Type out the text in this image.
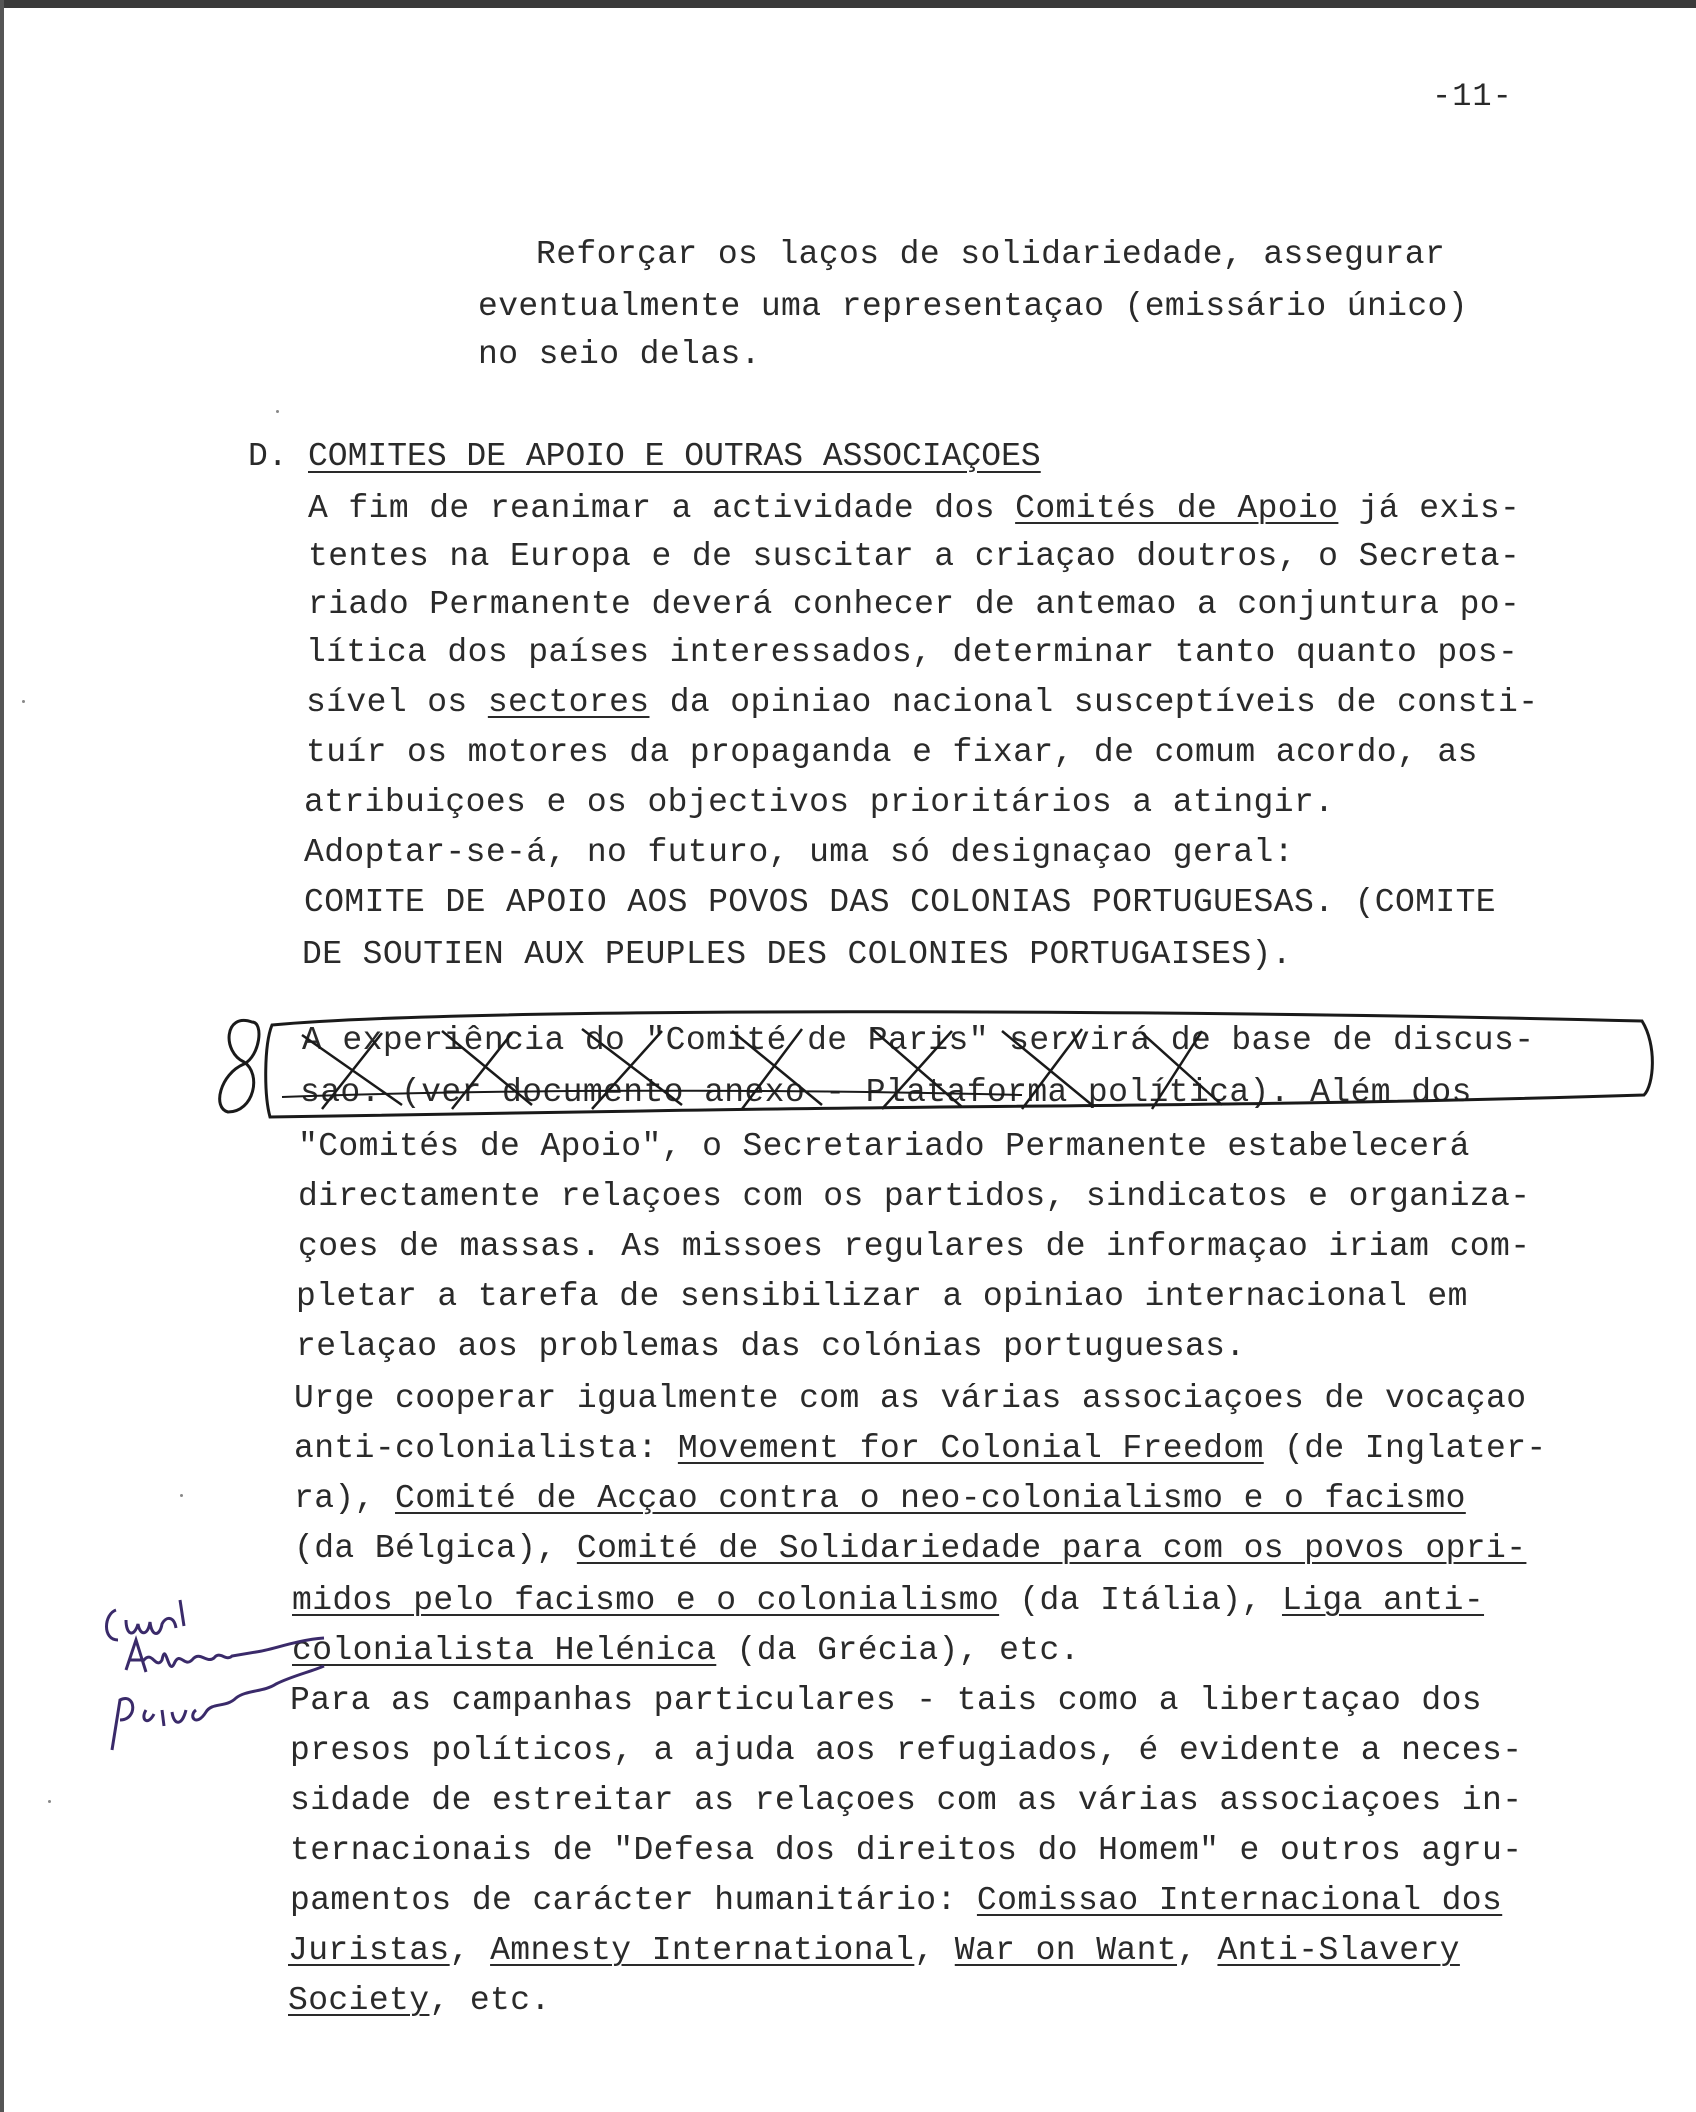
-11-
Reforçar os laços de solidariedade, assegurar
eventualmente uma representaçao (emissário único)
no seio delas.
D. COMITES DE APOIO E OUTRAS ASSOCIAÇOES
A fim de reanimar a actividade dos Comités de Apoio já exis-
tentes na Europa e de suscitar a criaçao doutros, o Secreta-
riado Permanente deverá conhecer de antemao a conjuntura po-
lítica dos países interessados, determinar tanto quanto pos-
sível os sectores da opiniao nacional susceptíveis de consti-
tuír os motores da propaganda e fixar, de comum acordo, as
atribuiçoes e os objectivos prioritários a atingir.
Adoptar-se-á, no futuro, uma só designaçao geral:
COMITE DE APOIO AOS POVOS DAS COLONIAS PORTUGUESAS. (COMITE
DE SOUTIEN AUX PEUPLES DES COLONIES PORTUGAISES).
A experiência do "Comité de Paris" servirá de base de discus-
sao. (ver documento anexo - Plataforma política). Além dos
"Comités de Apoio", o Secretariado Permanente estabelecerá
directamente relaçoes com os partidos, sindicatos e organiza-
çoes de massas. As missoes regulares de informaçao iriam com-
pletar a tarefa de sensibilizar a opiniao internacional em
relaçao aos problemas das colónias portuguesas.
Urge cooperar igualmente com as várias associaçoes de vocaçao
anti-colonialista: Movement for Colonial Freedom (de Inglater-
ra), Comité de Acçao contra o neo-colonialismo e o facismo
(da Bélgica), Comité de Solidariedade para com os povos opri-
midos pelo facismo e o colonialismo (da Itália), Liga anti-
colonialista Helénica (da Grécia), etc.
Para as campanhas particulares - tais como a libertaçao dos
presos políticos, a ajuda aos refugiados, é evidente a neces-
sidade de estreitar as relaçoes com as várias associaçoes in-
ternacionais de "Defesa dos direitos do Homem" e outros agru-
pamentos de carácter humanitário: Comissao Internacional dos
Juristas, Amnesty International, War on Want, Anti-Slavery
Society, etc.
